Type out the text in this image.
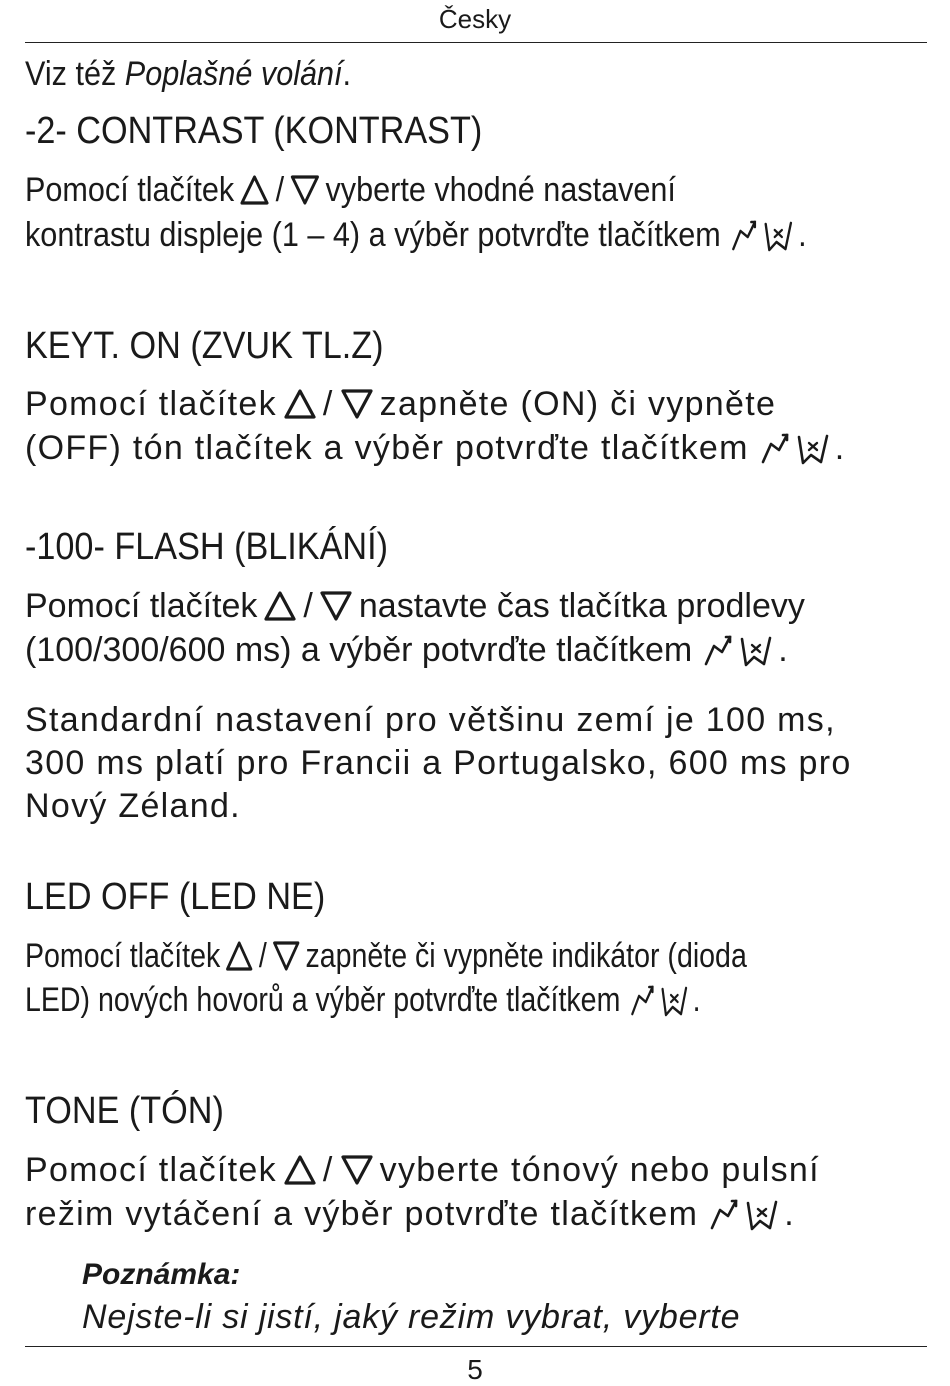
Česky
Viz též Poplašné volání.
-2- CONTRAST (KONTRAST)
Pomocí tlačítek / vyberte vhodné nastavení
kontrastu displeje (1 – 4) a výběr potvrďte tlačítkem .
KEYT. ON (ZVUK TL.Z)
Pomocí tlačítek / zapněte (ON) či vypněte
(OFF) tón tlačítek a výběr potvrďte tlačítkem	.
-100- FLASH (BLIKÁNÍ)
Pomocí tlačítek / nastavte čas tlačítka prodlevy
(100/300/600 ms) a výběr potvrďte tlačítkem	.
Standardní nastavení pro většinu zemí je 100 ms,
300 ms platí pro Francii a Portugalsko, 600 ms pro
Nový Zéland.
LED OFF (LED NE)
Pomocí tlačítek / zapněte či vypněte indikátor (dioda
LED) nových hovorů a výběr potvrďte tlačítkem .
TONE (TÓN)
Pomocí tlačítek / vyberte tónový nebo pulsní
režim vytáčení a výběr potvrďte tlačítkem	.
Poznámka:
Nejste-li si jistí, jaký režim vybrat, vyberte
5
